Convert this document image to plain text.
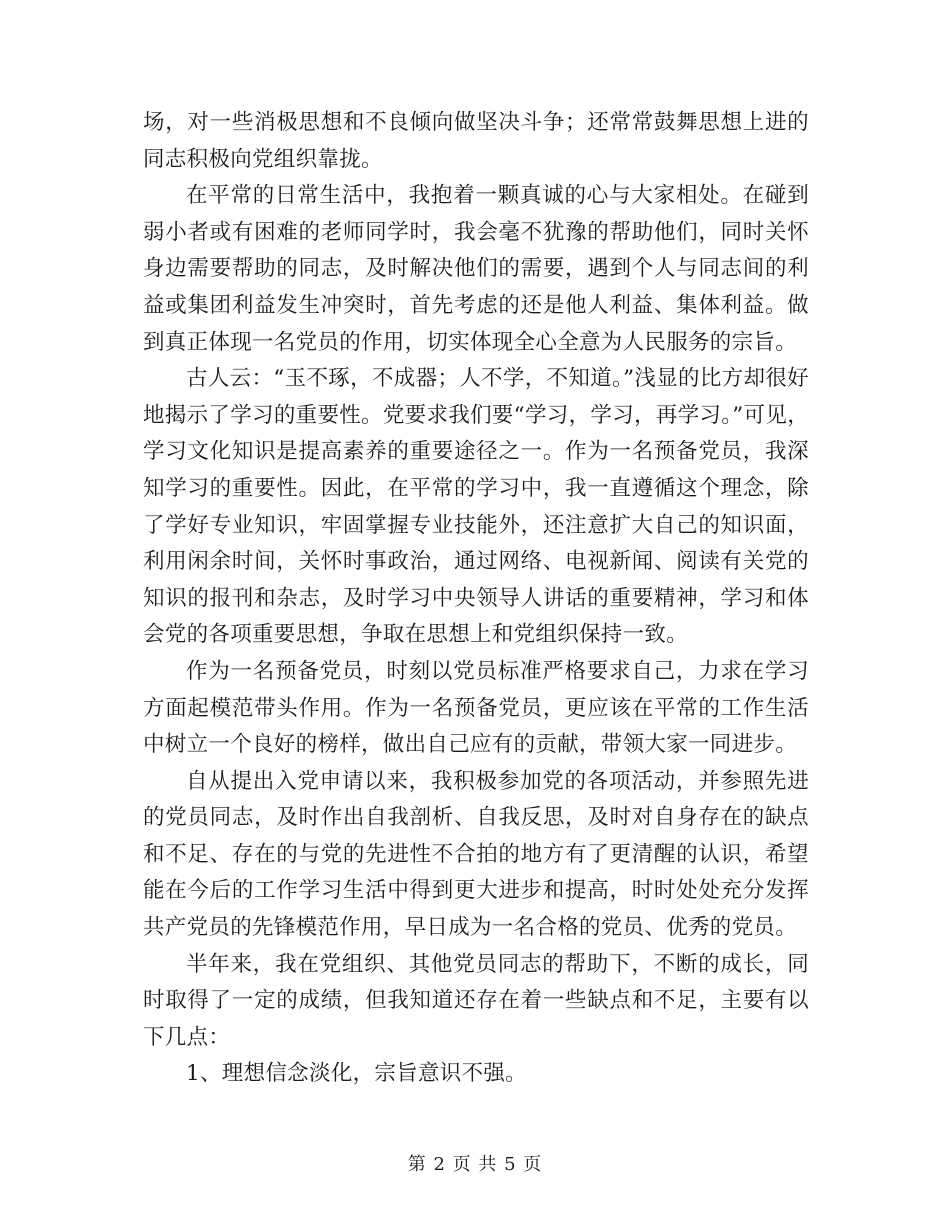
场，对一些消极思想和不良倾向做坚决斗争；还常常鼓舞思想上进的同志积极向党组织靠拢。

在平常的日常生活中，我抱着一颗真诚的心与大家相处。在碰到弱小者或有困难的老师同学时，我会毫不犹豫的帮助他们，同时关怀身边需要帮助的同志，及时解决他们的需要，遇到个人与同志间的利益或集团利益发生冲突时，首先考虑的还是他人利益、集体利益。做到真正体现一名党员的作用，切实体现全心全意为人民服务的宗旨。

古人云：“玉不琢，不成器；人不学，不知道。”浅显的比方却很好地揭示了学习的重要性。党要求我们要“学习，学习，再学习。”可见，学习文化知识是提高素养的重要途径之一。作为一名预备党员，我深知学习的重要性。因此，在平常的学习中，我一直遵循这个理念，除了学好专业知识，牢固掌握专业技能外，还注意扩大自己的知识面，利用闲余时间，关怀时事政治，通过网络、电视新闻、阅读有关党的知识的报刊和杂志，及时学习中央领导人讲话的重要精神，学习和体会党的各项重要思想，争取在思想上和党组织保持一致。

作为一名预备党员，时刻以党员标准严格要求自己，力求在学习方面起模范带头作用。作为一名预备党员，更应该在平常的工作生活中树立一个良好的榜样，做出自己应有的贡献，带领大家一同进步。

自从提出入党申请以来，我积极参加党的各项活动，并参照先进的党员同志，及时作出自我剖析、自我反思，及时对自身存在的缺点和不足、存在的与党的先进性不合拍的地方有了更清醒的认识，希望能在今后的工作学习生活中得到更大进步和提高，时时处处充分发挥共产党员的先锋模范作用，早日成为一名合格的党员、优秀的党员。

半年来，我在党组织、其他党员同志的帮助下，不断的成长，同时取得了一定的成绩，但我知道还存在着一些缺点和不足，主要有以下几点：

1、理想信念淡化，宗旨意识不强。

第 2 页 共 5 页
